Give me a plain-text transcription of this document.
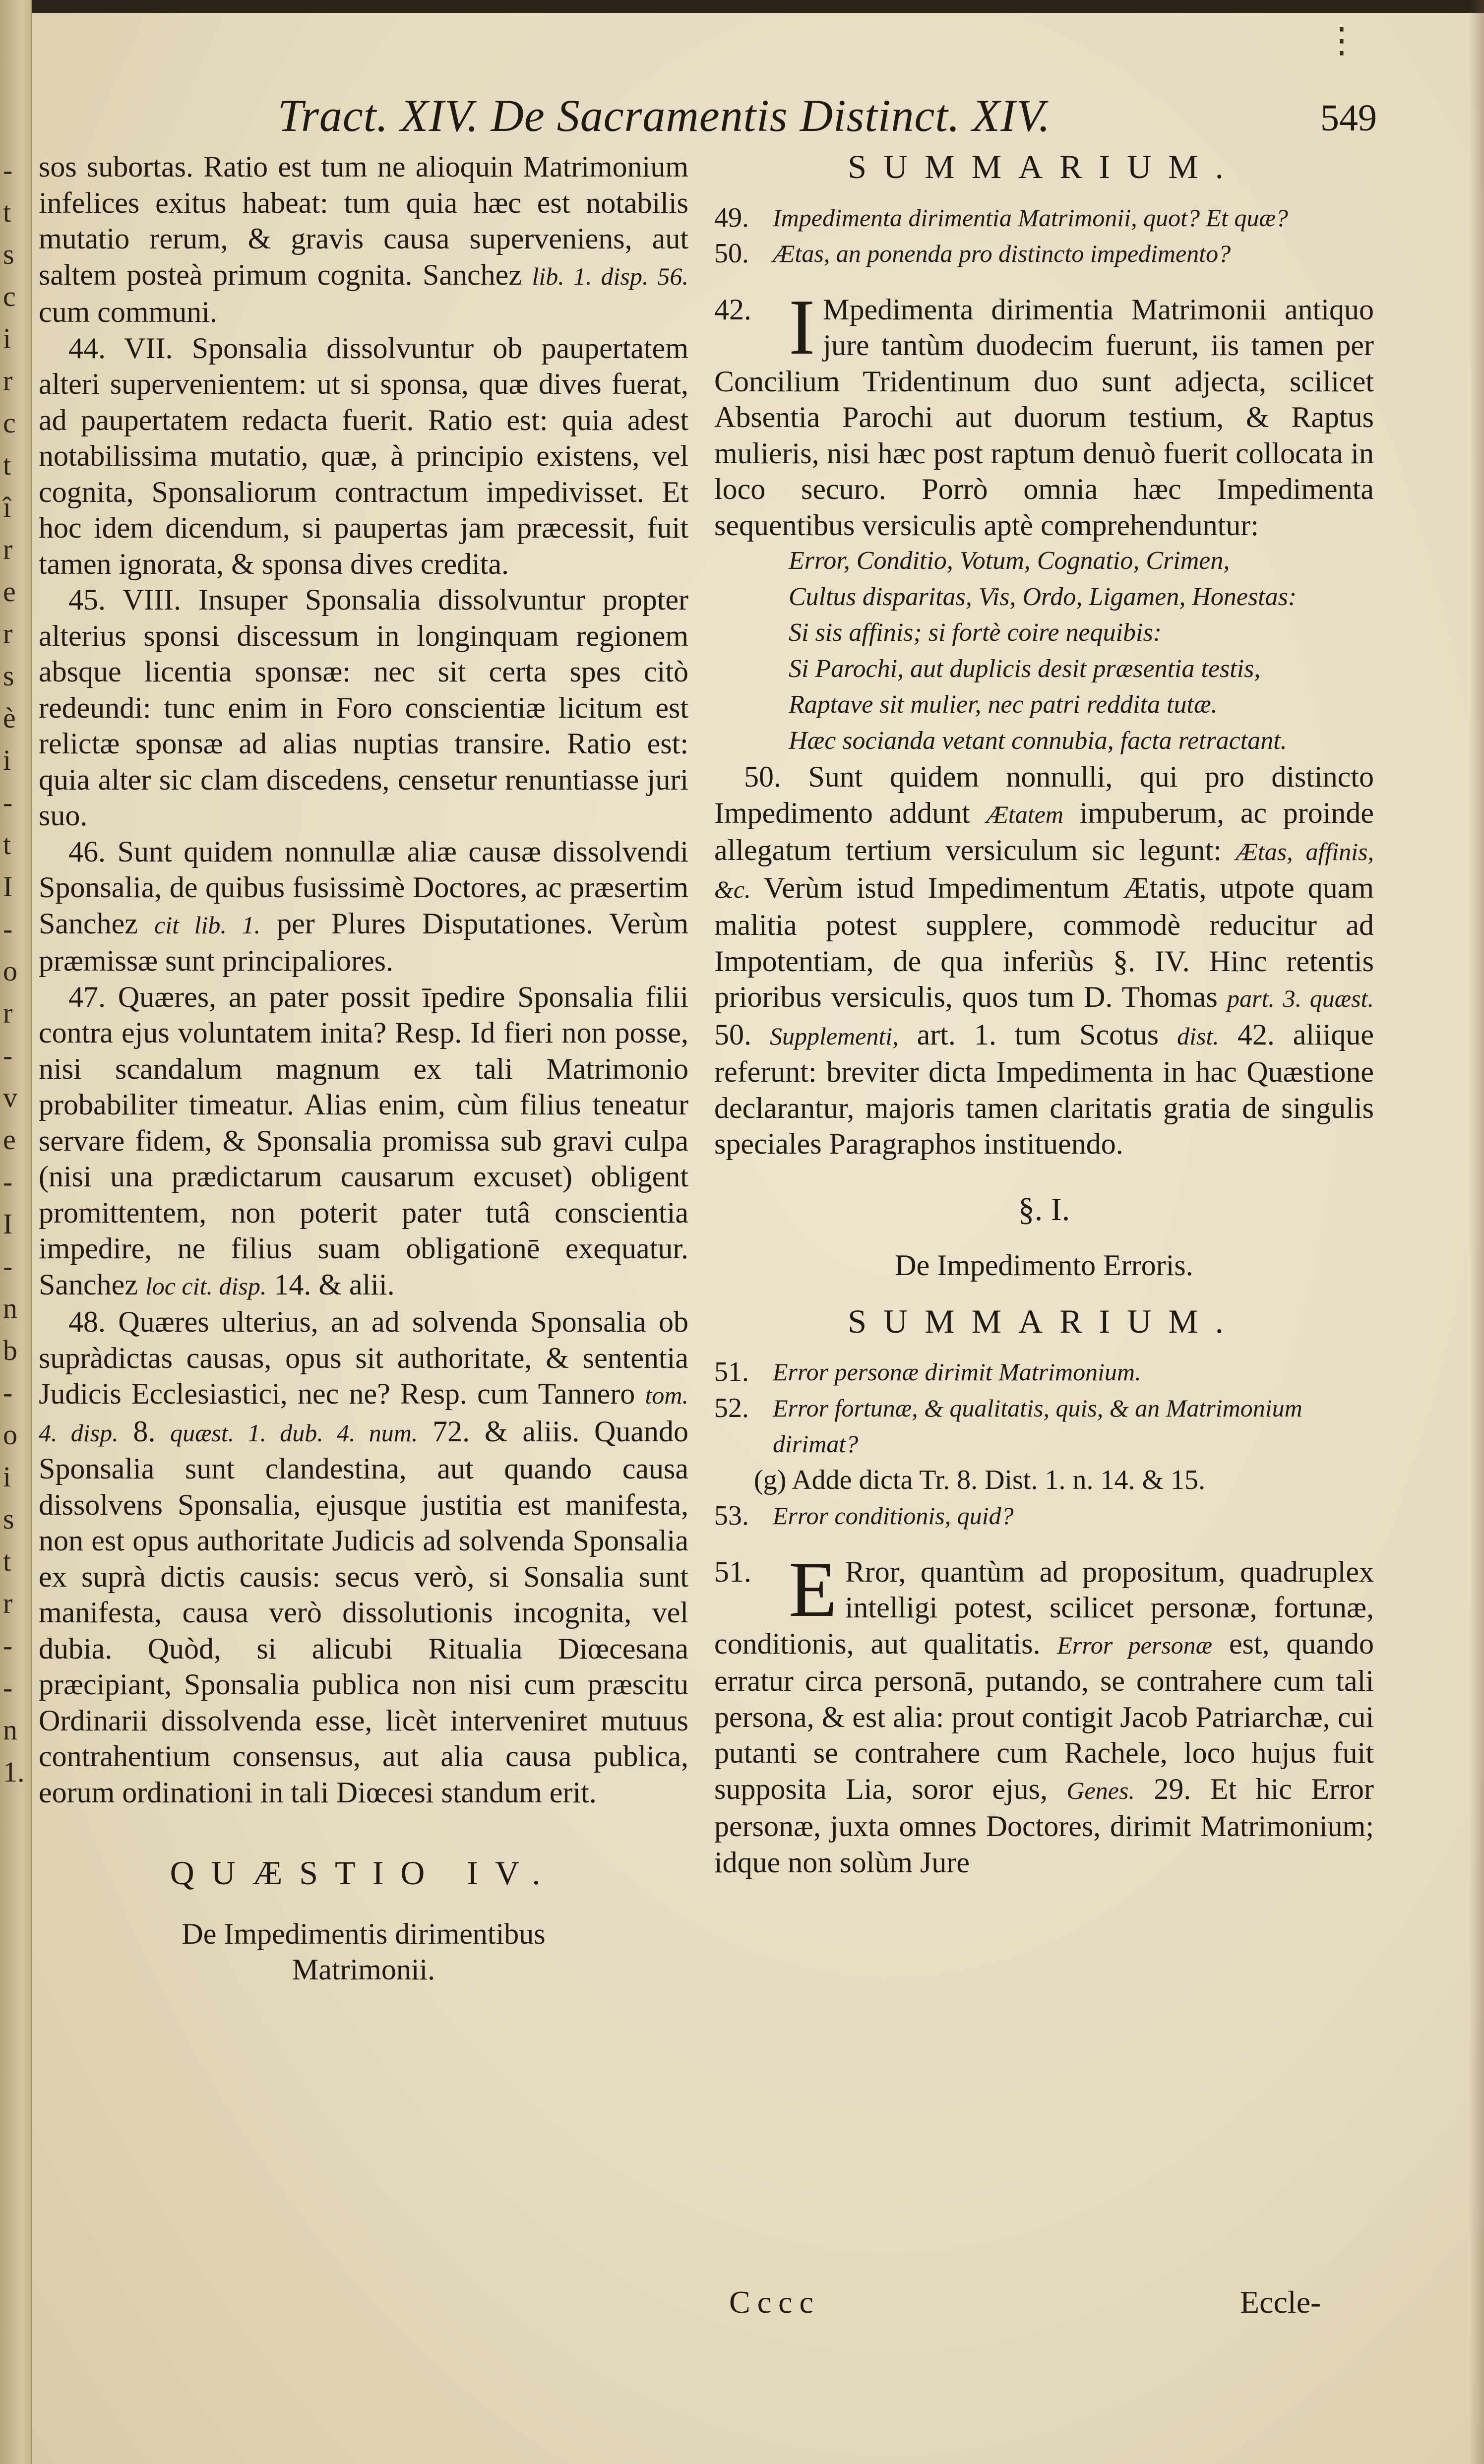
-
t
s
c
i
r
c
t
î
r
e
r
s
è
i
-
t
I
-
o
r
-
v
e
-
I
-
n
b
-
o
i
s
t
r
-
-
n
1.
⋮
Tract. XIV. De Sacramentis Distinct. XIV.	549

sos subortas. Ratio est tum ne alioquin Matrimonium infelices exitus habeat: tum quia hæc est notabilis mutatio rerum, & gravis causa superveniens, aut saltem posteà primum cognita. Sanchez lib. 1. disp. 56. cum communi.

44. VII. Sponsalia dissolvuntur ob paupertatem alteri supervenientem: ut si sponsa, quæ dives fuerat, ad paupertatem redacta fuerit. Ratio est: quia adest notabilissima mutatio, quæ, à principio existens, vel cognita, Sponsaliorum contractum impedivisset. Et hoc idem dicendum, si paupertas jam præcessit, fuit tamen ignorata, & sponsa dives credita.

45. VIII. Insuper Sponsalia dissolvuntur propter alterius sponsi discessum in longinquam regionem absque licentia sponsæ: nec sit certa spes citò redeundi: tunc enim in Foro conscientiæ licitum est relictæ sponsæ ad alias nuptias transire. Ratio est: quia alter sic clam discedens, censetur renuntiasse juri suo.

46. Sunt quidem nonnullæ aliæ causæ dissolvendi Sponsalia, de quibus fusissimè Doctores, ac præsertim Sanchez cit lib. 1. per Plures Disputationes. Verùm præmissæ sunt principaliores.

47. Quæres, an pater possit īpedire Sponsalia filii contra ejus voluntatem inita? Resp. Id fieri non posse, nisi scandalum magnum ex tali Matrimonio probabiliter timeatur. Alias enim, cùm filius teneatur servare fidem, & Sponsalia promissa sub gravi culpa (nisi una prædictarum causarum excuset) obligent promittentem, non poterit pater tutâ conscientia impedire, ne filius suam obligationē exequatur. Sanchez loc cit. disp. 14. & alii.

48. Quæres ulterius, an ad solvenda Sponsalia ob supràdictas causas, opus sit authoritate, & sententia Judicis Ecclesiastici, nec ne? Resp. cum Tannero tom. 4. disp. 8. quæst. 1. dub. 4. num. 72. & aliis. Quando Sponsalia sunt clandestina, aut quando causa dissolvens Sponsalia, ejusque justitia est manifesta, non est opus authoritate Judicis ad solvenda Sponsalia ex suprà dictis causis: secus verò, si Sonsalia sunt manifesta, causa verò dissolutionis incognita, vel dubia. Quòd, si alicubi Ritualia Diœcesana præcipiant, Sponsalia publica non nisi cum præscitu Ordinarii dissolvenda esse, licèt interveniret mutuus contrahentium consensus, aut alia causa publica, eorum ordinationi in tali Diœcesi standum erit.

QUÆSTIO IV.

De Impedimentis dirimentibus

Matrimonii.

SUMMARIUM.

49. Impedimenta dirimentia Matrimonii, quot? Et quæ?
50. Ætas, an ponenda pro distincto impedimento?

42. I Mpedimenta dirimentia Matrimonii antiquo jure tantùm duodecim fuerunt, iis tamen per Concilium Tridentinum duo sunt adjecta, scilicet Absentia Parochi aut duorum testium, & Raptus mulieris, nisi hæc post raptum denuò fuerit collocata in loco securo. Porrò omnia hæc Impedimenta sequentibus versiculis aptè comprehenduntur:

Error, Conditio, Votum, Cognatio, Crimen,
Cultus disparitas, Vis, Ordo, Ligamen, Honestas:
Si sis affinis; si fortè coire nequibis:
Si Parochi, aut duplicis desit præsentia testis,
Raptave sit mulier, nec patri reddita tutæ.
Hæc socianda vetant connubia, facta retractant.

50. Sunt quidem nonnulli, qui pro distincto Impedimento addunt Ætatem impuberum, ac proinde allegatum tertium versiculum sic legunt: Ætas, affinis, &c. Verùm istud Impedimentum Ætatis, utpote quam malitia potest supplere, commodè reducitur ad Impotentiam, de qua inferiùs §. IV. Hinc retentis prioribus versiculis, quos tum D. Thomas part. 3. quæst. 50. Supplementi, art. 1. tum Scotus dist. 42. aliique referunt: breviter dicta Impedimenta in hac Quæstione declarantur, majoris tamen claritatis gratia de singulis speciales Paragraphos instituendo.

§. I.

De Impedimento Erroris.

SUMMARIUM.

51. Error personæ dirimit Matrimonium.
52. Error fortunæ, & qualitatis, quis, & an Matrimonium dirimat?
(g) Adde dicta Tr. 8. Dist. 1. n. 14. & 15.
53. Error conditionis, quid?

51. E Rror, quantùm ad propositum, quadruplex intelligi potest, scilicet personæ, fortunæ, conditionis, aut qualitatis. Error personæ est, quando erratur circa personā, putando, se contrahere cum tali persona, & est alia: prout contigit Jacob Patriarchæ, cui putanti se contrahere cum Rachele, loco hujus fuit supposita Lia, soror ejus, Genes. 29. Et hic Error personæ, juxta omnes Doctores, dirimit Matrimonium; idque non solùm Jure

Cccc	Eccle-
